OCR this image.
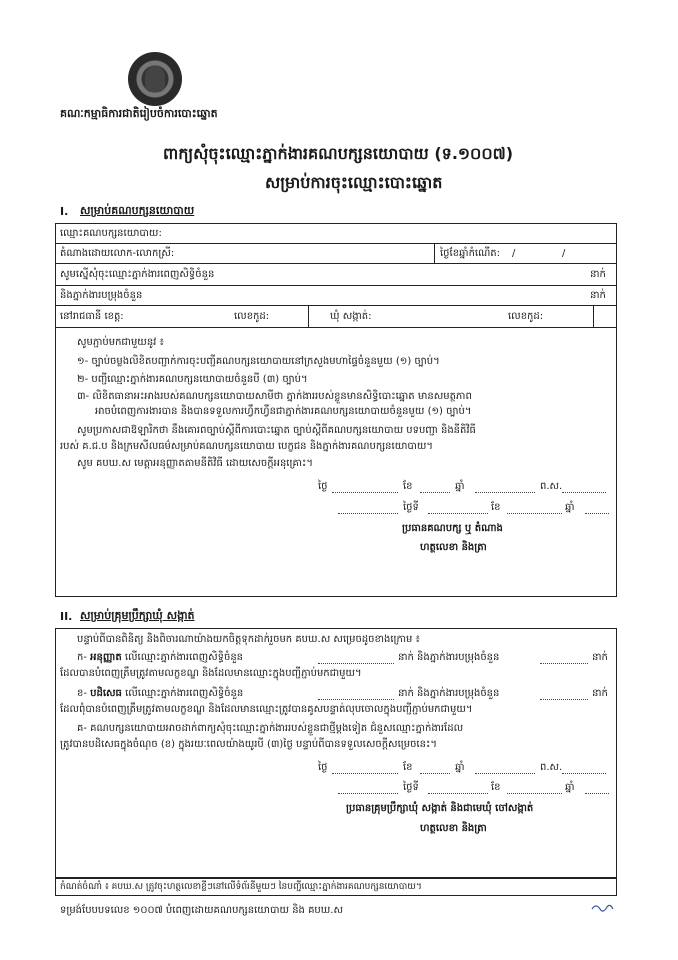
គណៈកម្មាធិការជាតិរៀបចំការបោះឆ្នោត
ពាក្យសុំចុះឈ្មោះភ្នាក់ងារគណបក្សនយោបាយ (ទ.១០០៧)
សម្រាប់ការចុះឈ្មោះបោះឆ្នោត
I. សម្រាប់គណបក្សនយោបាយ
ឈ្មោះគណបក្សនយោបាយ:
តំណាងដោយលោក-លោកស្រី:	ថ្ងៃខែឆ្នាំកំណើត: /	/
សូមស្នើសុំចុះឈ្មោះភ្នាក់ងារពេញសិទ្ធិចំនួន	នាក់
និងភ្នាក់ងារបម្រុងចំនួន	នាក់
នៅរាជធានី ខេត្ត:	លេខកូដ:	ឃុំ សង្កាត់:	លេខកូដ:
សូមភ្ជាប់មកជាមួយនូវ ៖
១- ច្បាប់ចម្លងលិខិតបញ្ជាក់ការចុះបញ្ជីគណបក្សនយោបាយនៅក្រសួងមហាផ្ទៃចំនួនមួយ (១) ច្បាប់។
២- បញ្ជីឈ្មោះភ្នាក់ងារគណបក្សនយោបាយចំនួនបី (៣) ច្បាប់។
៣- លិខិតធានាអះអាងរបស់គណបក្សនយោបាយសាមីថា ភ្នាក់ងាររបស់ខ្លួនមានសិទ្ធិបោះឆ្នោត មានសមត្ថភាព
អាចបំពេញការងារបាន និងបានទទួលការហ្វឹកហ្វឺនជាភ្នាក់ងារគណបក្សនយោបាយចំនួនមួយ (១) ច្បាប់។
សូមប្រកាសជាឱឡារិកថា នឹងគោរពច្បាប់ស្តីពីការបោះឆ្នោត ច្បាប់ស្តីពីគណបក្សនយោបាយ បទបញ្ជា និងនីតិវិធី
របស់ គ.ជ.ប និងក្រមសីលធម៌សម្រាប់គណបក្សនយោបាយ បេក្ខជន និងភ្នាក់ងារគណបក្សនយោបាយ។
សូម គបឃ.ស មេត្តាអនុញ្ញាតតាមនីតិវិធី ដោយសេចក្តីអនុគ្រោះ។
ថ្ងៃ	ខែ	ឆ្នាំ	ព.ស.
ថ្ងៃទី	ខែ	ឆ្នាំ
ប្រធានគណបក្ស ឬ តំណាង
ហត្ថលេខា និងត្រា
II. សម្រាប់គ្រុមប្រឹក្សាឃុំ សង្កាត់
បន្ទាប់ពីបានពិនិត្យ និងពិចារណាយ៉ាងយកចិត្តទុកដាក់រួចមក គបឃ.ស សម្រេចដូចខាងក្រោម ៖
ក- អនុញ្ញាត លើឈ្មោះភ្នាក់ងារពេញសិទ្ធិចំនួន	នាក់ និងភ្នាក់ងារបម្រុងចំនួន	នាក់
ដែលបានបំពេញត្រឹមត្រូវតាមលក្ខខណ្ឌ និងដែលមានឈ្មោះក្នុងបញ្ជីភ្ជាប់មកជាមួយ។
ខ- បដិសេធ លើឈ្មោះភ្នាក់ងារពេញសិទ្ធិចំនួន	នាក់ និងភ្នាក់ងារបម្រុងចំនួន	នាក់
ដែលពុំបានបំពេញត្រឹមត្រូវតាមលក្ខខណ្ឌ និងដែលមានឈ្មោះត្រូវបានគូសបន្ទាត់លុបចោលក្នុងបញ្ជីភ្ជាប់មកជាមួយ។
គ- គណបក្សនយោបាយអាចដាក់ពាក្យសុំចុះឈ្មោះភ្នាក់ងាររបស់ខ្លួនជាថ្មីម្តងទៀត ជំនួសឈ្មោះភ្នាក់ងារដែល
ត្រូវបានបដិសេធក្នុងចំណុច (ខ) ក្នុងរយៈពេលយ៉ាងយូរបី (៣)ថ្ងៃ បន្ទាប់ពីបានទទួលសេចក្តីសម្រេចនេះ។
ថ្ងៃ	ខែ	ឆ្នាំ	ព.ស.
ថ្ងៃទី	ខែ	ឆ្នាំ
ប្រធានគ្រុមប្រឹក្សាឃុំ សង្កាត់ និងជាមេឃុំ ចៅសង្កាត់
ហត្ថលេខា និងត្រា
កំណត់ចំណាំ ៖ គបឃ.ស ត្រូវចុះហត្ថលេខាខ្លីៗនៅលើទំព័រនីមួយៗ នៃបញ្ជីឈ្មោះភ្នាក់ងារគណបក្សនយោបាយ។
ទម្រង់បែបបទលេខ ១០០៧ បំពេញដោយគណបក្សនយោបាយ និង គបឃ.ស
